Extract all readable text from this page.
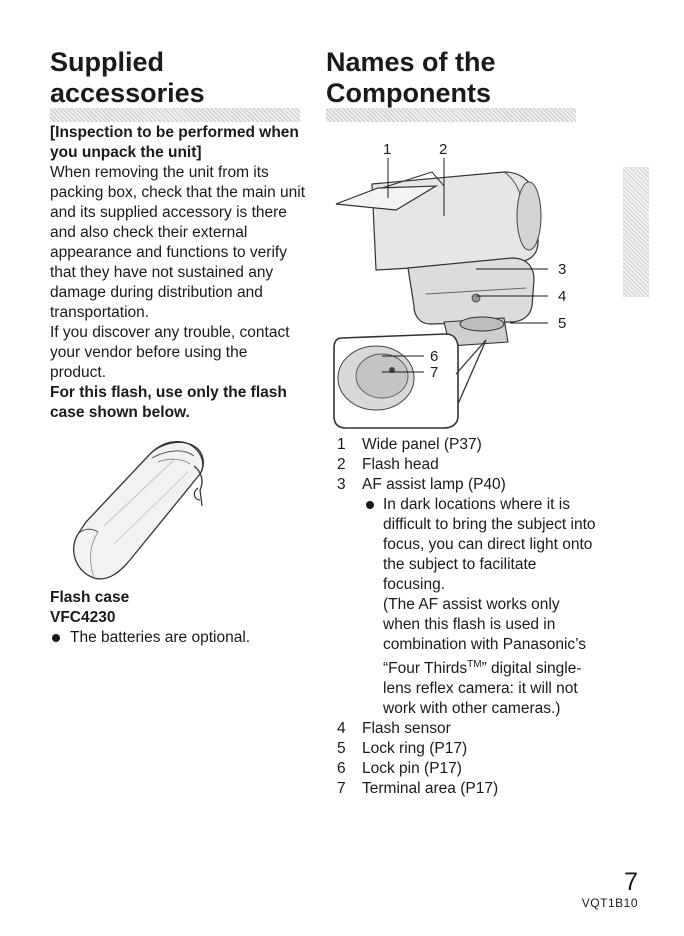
Supplied
accessories

[Inspection to be performed when you unpack the unit]

When removing the unit from its packing box, check that the main unit and its supplied accessory is there and also check their external appearance and functions to verify that they have not sustained any damage during distribution and transportation.

If you discover any trouble, contact your vendor before using the product.

For this flash, use only the flash case shown below.

Flash case

VFC4230

The batteries are optional.

Names of the
Components
1	2
3
4
5
6
7
1 Wide panel (P37)
2 Flash head
3 AF assist lamp (P40)

In dark locations where it is difficult to bring the subject into focus, you can direct light onto the subject to facilitate focusing.

(The AF assist works only when this flash is used in combination with Panasonic’s “Four Thirds™” digital single-lens reflex camera: it will not work with other cameras.)

4 Flash sensor
5 Lock ring (P17)
6 Lock pin (P17)
7 Terminal area (P17)
7
VQT1B10
